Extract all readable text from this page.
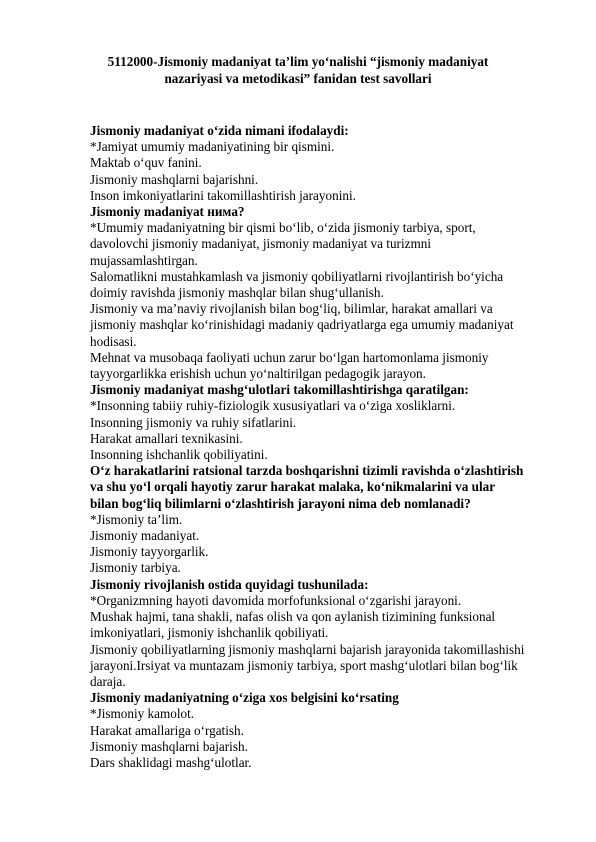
5112000-Jismoniy madaniyat ta’lim yo‘nalishi “jismoniy madaniyat
nazariyasi va metodikasi” fanidan test savollari

Jismoniy madaniyat o‘zida nimani ifodalaydi:

*Jamiyat umumiy madaniyatining bir qismini.

Maktab o‘quv fanini.

Jismoniy mashqlarni bajarishni.

Inson imkoniyatlarini takomillashtirish jarayonini.

Jismoniy madaniyat нима?

*Umumiy madaniyatning bir qismi bo‘lib, o‘zida jismoniy tarbiya, sport,

davolovchi jismoniy madaniyat, jismoniy madaniyat va turizmni

mujassamlashtirgan.

Salomatlikni mustahkamlash va jismoniy qobiliyatlarni rivojlantirish bo‘yicha

doimiy ravishda jismoniy mashqlar bilan shug‘ullanish.

Jismoniy va ma’naviy rivojlanish bilan bog‘liq, bilimlar, harakat amallari va

jismoniy mashqlar ko‘rinishidagi madaniy qadriyatlarga ega umumiy madaniyat

hodisasi.

Mehnat va musobaqa faoliyati uchun zarur bo‘lgan hartomonlama jismoniy

tayyorgarlikka erishish uchun yo‘naltirilgan pedagogik jarayon.

Jismoniy madaniyat mashg‘ulotlari takomillashtirishga qaratilgan:

*Insonning tabiiy ruhiy-fiziologik xususiyatlari va o‘ziga xosliklarni.

Insonning jismoniy va ruhiy sifatlarini.

Harakat amallari texnikasini.

Insonning ishchanlik qobiliyatini.

O‘z harakatlarini ratsional tarzda boshqarishni tizimli ravishda o‘zlashtirish

va shu yo‘l orqali hayotiy zarur harakat malaka, ko‘nikmalarini va ular

bilan bog‘liq bilimlarni o‘zlashtirish jarayoni nima deb nomlanadi?

*Jismoniy ta’lim.

Jismoniy madaniyat.

Jismoniy tayyorgarlik.

Jismoniy tarbiya.

Jismoniy rivojlanish ostida quyidagi tushunilada:

*Organizmning hayoti davomida morfofunksional o‘zgarishi jarayoni.

Mushak hajmi, tana shakli, nafas olish va qon aylanish tizimining funksional

imkoniyatlari, jismoniy ishchanlik qobiliyati.

Jismoniy qobiliyatlarning jismoniy mashqlarni bajarish jarayonida takomillashishi

jarayoni.Irsiyat va muntazam jismoniy tarbiya, sport mashg‘ulotlari bilan bog‘lik

daraja.

Jismoniy madaniyatning o‘ziga xos belgisini ko‘rsating

*Jismoniy kamolot.

Harakat amallariga o‘rgatish.

Jismoniy mashqlarni bajarish.

Dars shaklidagi mashg‘ulotlar.
